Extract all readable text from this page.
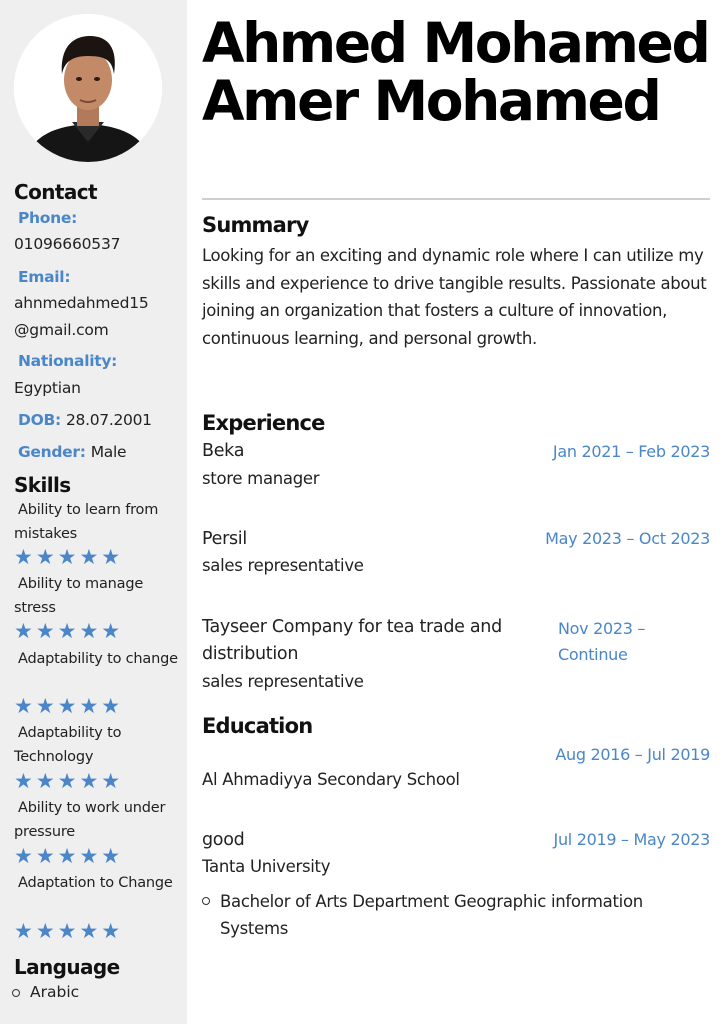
Contact
Phone:
01096660537
Email:
ahnmedahmed15
@gmail.com
Nationality:
Egyptian
DOB: 28.07.2001
Gender: Male
Skills
Ability to learn from mistakes
★★★★★
Ability to manage stress
★★★★★
Adaptability to change
★★★★★
Adaptability to Technology
★★★★★
Ability to work under pressure
★★★★★
Adaptation to Change
★★★★★
Language
Arabic
Ahmed Mohamed Amer Mohamed
Summary
Looking for an exciting and dynamic role where I can utilize my skills and experience to drive tangible results. Passionate about joining an organization that fosters a culture of innovation, continuous learning, and personal growth.
Experience
Beka	Jan 2021 – Feb 2023
store manager
Persil	May 2023 – Oct 2023
sales representative
Tayseer Company for tea trade and distribution
Nov 2023 – Continue
sales representative
Education
Aug 2016 – Jul 2019
Al Ahmadiyya Secondary School
good	Jul 2019 – May 2023
Tanta University
Bachelor of Arts Department Geographic information Systems
